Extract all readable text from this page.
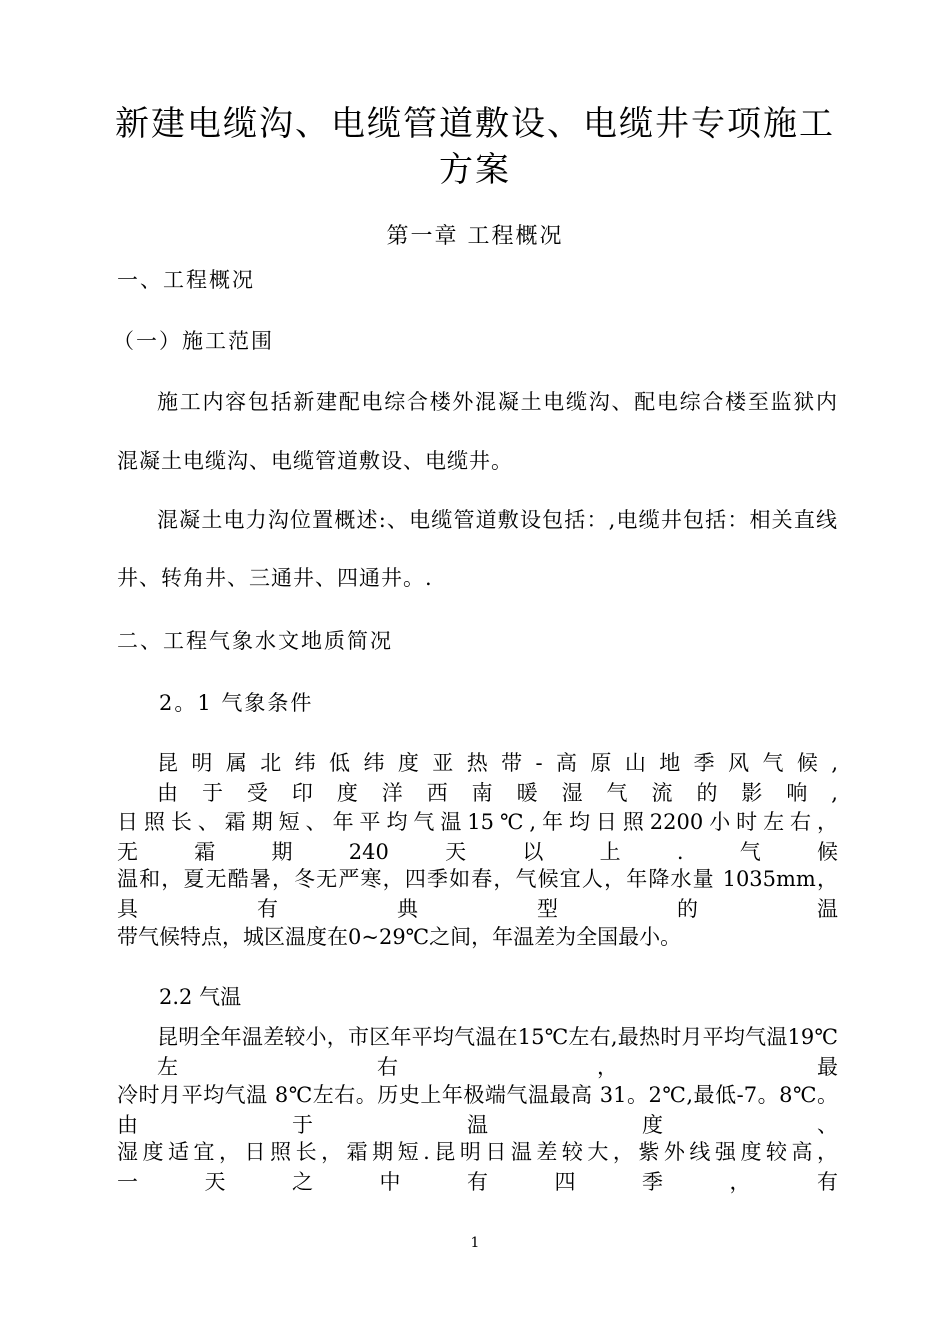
新建电缆沟、电缆管道敷设、电缆井专项施工
方案
第一章 工程概况

一、工程概况

（一）施工范围

施工内容包括新建配电综合楼外混凝土电缆沟、配电综合楼至监狱内

混凝土电缆沟、电缆管道敷设、电缆井。

混凝土电力沟位置概述:、电缆管道敷设包括：,电缆井包括：相关直线

井、转角井、三通井、四通井。.

二、工程气象水文地质简况

2。1 气象条件

昆明属北纬低纬度亚热带-高原山地季风气候,由于受印度洋西南暖湿气流的影响,

日照长、霜期短、年平均气温15℃,年均日照2200小时左右，无霜期240天以上.气候

温和，夏无酷暑，冬无严寒，四季如春，气候宜人，年降水量 1035mm，具有典型的温

带气候特点，城区温度在0~29℃之间，年温差为全国最小。

2.2 气温

昆明全年温差较小，市区年平均气温在15℃左右,最热时月平均气温19℃左右，最

冷时月平均气温 8℃左右。历史上年极端气温最高 31。2℃,最低-7。8℃。由于温度、

湿度适宜，日照长，霜期短.昆明日温差较大，紫外线强度较高，一天之中有四季，有

1
